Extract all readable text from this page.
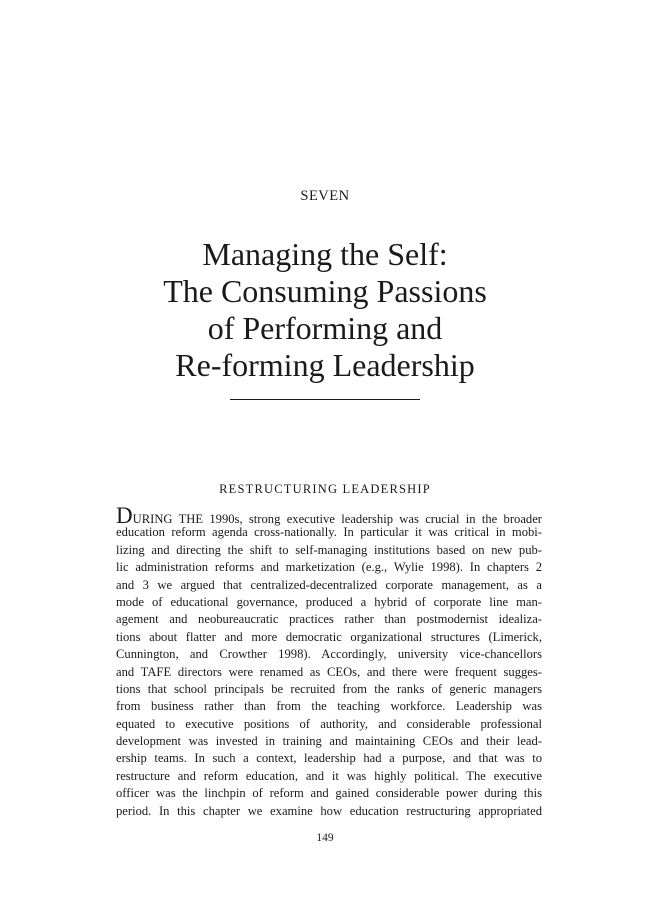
SEVEN
Managing the Self:
The Consuming Passions
of Performing and
Re-forming Leadership
RESTRUCTURING LEADERSHIP
DURING THE 1990s, strong executive leadership was crucial in the broader
education reform agenda cross-nationally. In particular it was critical in mobi-
lizing and directing the shift to self-managing institutions based on new pub-
lic administration reforms and marketization (e.g., Wylie 1998). In chapters 2
and 3 we argued that centralized-decentralized corporate management, as a
mode of educational governance, produced a hybrid of corporate line man-
agement and neobureaucratic practices rather than postmodernist idealiza-
tions about flatter and more democratic organizational structures (Limerick,
Cunnington, and Crowther 1998). Accordingly, university vice-chancellors
and TAFE directors were renamed as CEOs, and there were frequent sugges-
tions that school principals be recruited from the ranks of generic managers
from business rather than from the teaching workforce. Leadership was
equated to executive positions of authority, and considerable professional
development was invested in training and maintaining CEOs and their lead-
ership teams. In such a context, leadership had a purpose, and that was to
restructure and reform education, and it was highly political. The executive
officer was the linchpin of reform and gained considerable power during this
period. In this chapter we examine how education restructuring appropriated
149
